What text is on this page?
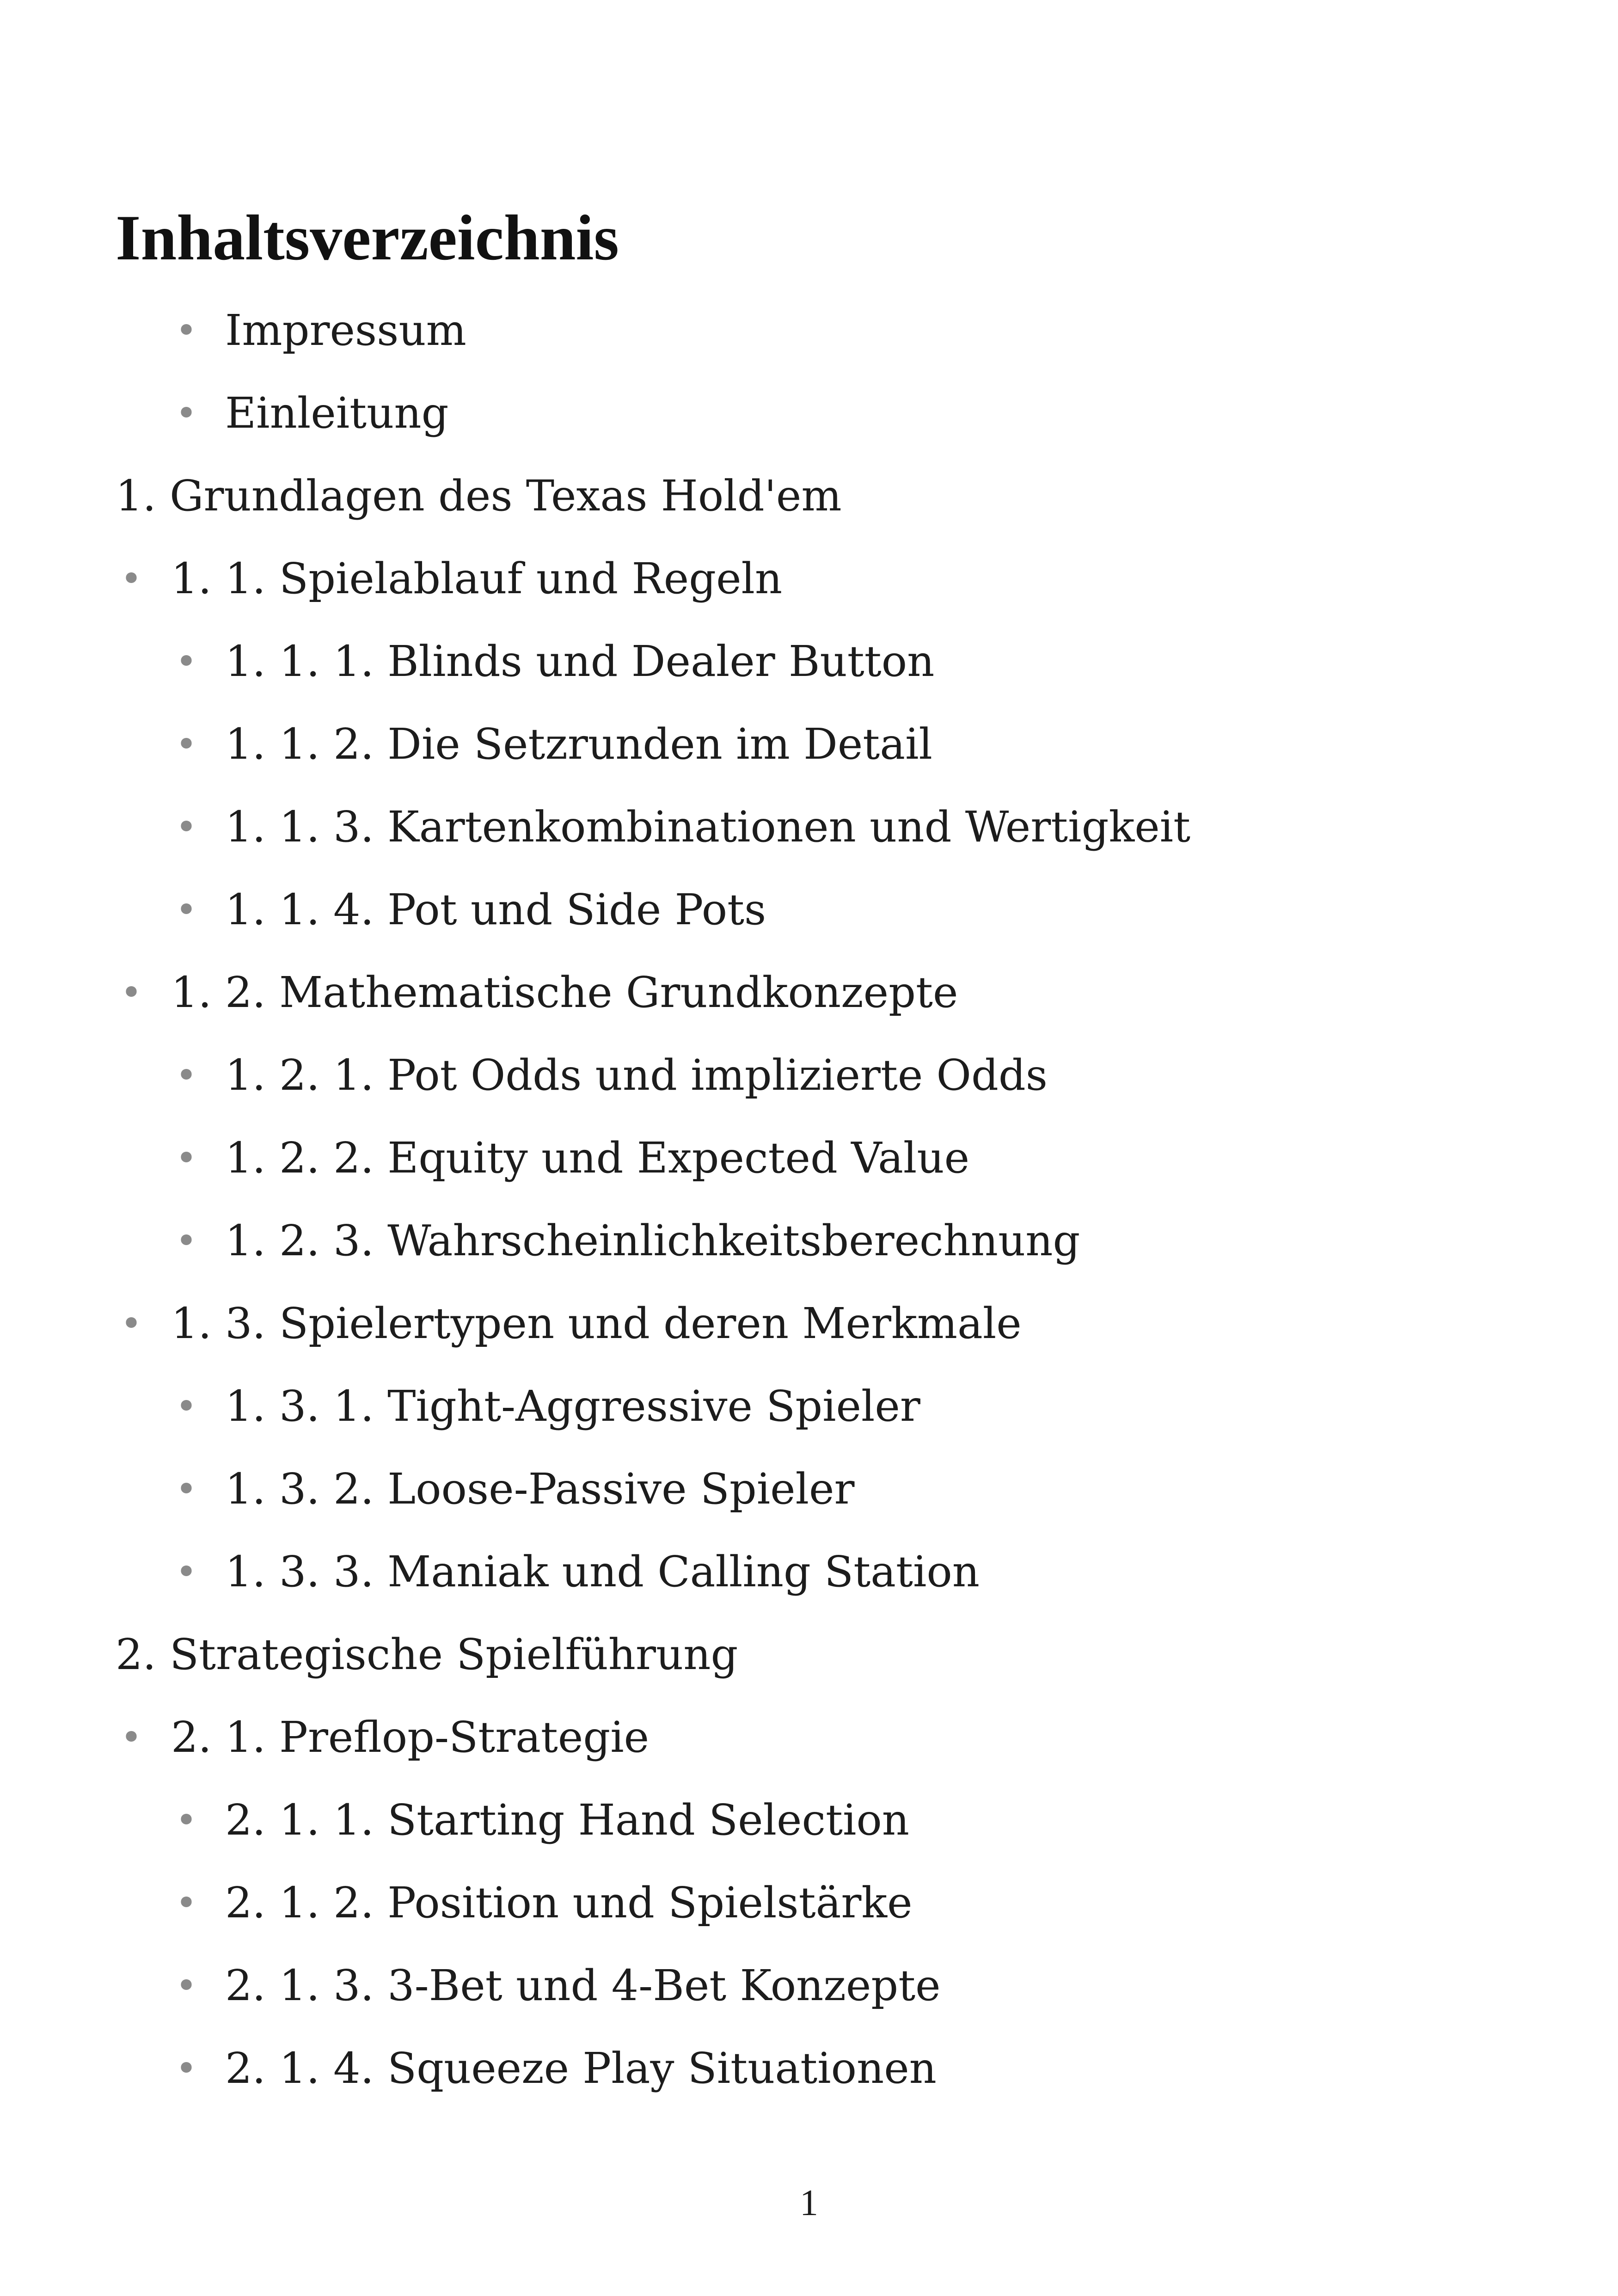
Inhaltsverzeichnis
• Impressum
• Einleitung
1. Grundlagen des Texas Hold'em
• 1. 1. Spielablauf und Regeln
• 1. 1. 1. Blinds und Dealer Button
• 1. 1. 2. Die Setzrunden im Detail
• 1. 1. 3. Kartenkombinationen und Wertigkeit
• 1. 1. 4. Pot und Side Pots
• 1. 2. Mathematische Grundkonzepte
• 1. 2. 1. Pot Odds und implizierte Odds
• 1. 2. 2. Equity und Expected Value
• 1. 2. 3. Wahrscheinlichkeitsberechnung
• 1. 3. Spielertypen und deren Merkmale
• 1. 3. 1. Tight-Aggressive Spieler
• 1. 3. 2. Loose-Passive Spieler
• 1. 3. 3. Maniak und Calling Station
2. Strategische Spielführung
• 2. 1. Preflop-Strategie
• 2. 1. 1. Starting Hand Selection
• 2. 1. 2. Position und Spielstärke
• 2. 1. 3. 3-Bet und 4-Bet Konzepte
• 2. 1. 4. Squeeze Play Situationen
1
